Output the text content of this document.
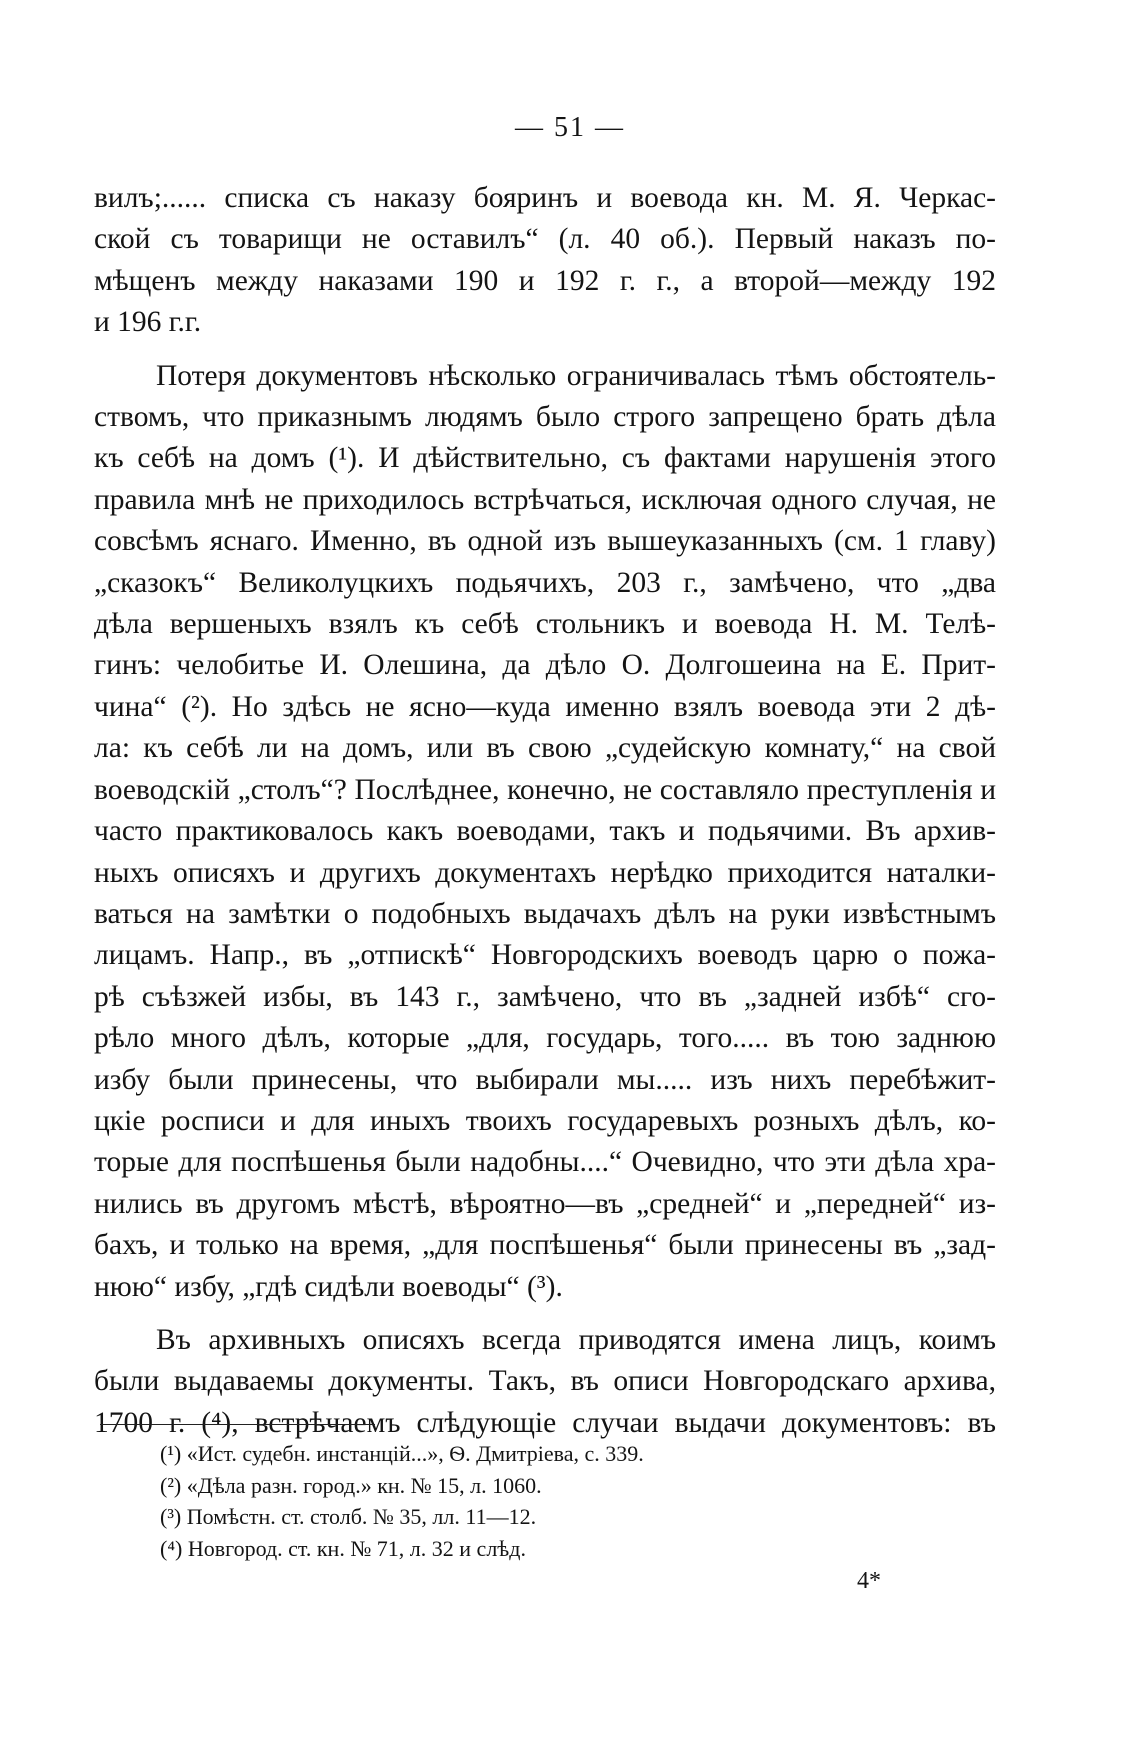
— 51 —
вилъ;...... списка съ наказу бояринъ и воевода кн. М. Я. Черкас-
ской съ товарищи не оставилъ“ (л. 40 об.). Первый наказъ по-
мѣщенъ между наказами 190 и 192 г. г., а второй—между 192
и 196 г.г.
Потеря документовъ нѣсколько ограничивалась тѣмъ обстоятель-
ствомъ, что приказнымъ людямъ было строго запрещено брать дѣла
къ себѣ на домъ (¹). И дѣйствительно, съ фактами нарушенія этого
правила мнѣ не приходилось встрѣчаться, исключая одного случая, не
совсѣмъ яснаго. Именно, въ одной изъ вышеуказанныхъ (см. 1 главу)
„сказокъ“ Великолуцкихъ подьячихъ, 203 г., замѣчено, что „два
дѣла вершеныхъ взялъ къ себѣ стольникъ и воевода Н. М. Телѣ-
гинъ: челобитье И. Олешина, да дѣло О. Долгошеина на Е. Прит-
чина“ (²). Но здѣсь не ясно—куда именно взялъ воевода эти 2 дѣ-
ла: къ себѣ ли на домъ, или въ свою „судейскую комнату,“ на свой
воеводскій „столъ“? Послѣднее, конечно, не составляло преступленія и
часто практиковалось какъ воеводами, такъ и подьячими. Въ архив-
ныхъ описяхъ и другихъ документахъ нерѣдко приходится наталки-
ваться на замѣтки о подобныхъ выдачахъ дѣлъ на руки извѣстнымъ
лицамъ. Напр., въ „отпискѣ“ Новгородскихъ воеводъ царю о пожа-
рѣ съѣзжей избы, въ 143 г., замѣчено, что въ „задней избѣ“ сго-
рѣло много дѣлъ, которые „для, государь, того..... въ тою заднюю
избу были принесены, что выбирали мы..... изъ нихъ перебѣжит-
цкіе росписи и для иныхъ твоихъ государевыхъ розныхъ дѣлъ, ко-
торые для поспѣшенья были надобны....“ Очевидно, что эти дѣла хра-
нились въ другомъ мѣстѣ, вѣроятно—въ „средней“ и „передней“ из-
бахъ, и только на время, „для поспѣшенья“ были принесены въ „зад-
нюю“ избу, „гдѣ сидѣли воеводы“ (³).
Въ архивныхъ описяхъ всегда приводятся имена лицъ, коимъ
были выдаваемы документы. Такъ, въ описи Новгородскаго архива,
1700 г. (⁴), встрѣчаемъ слѣдующіе случаи выдачи документовъ: въ
(¹) «Ист. судебн. инстанцій...», Ѳ. Дмитріева, с. 339.
(²) «Дѣла разн. город.» кн. № 15, л. 1060.
(³) Помѣстн. ст. столб. № 35, лл. 11—12.
(⁴) Новгород. ст. кн. № 71, л. 32 и слѣд.
4*
